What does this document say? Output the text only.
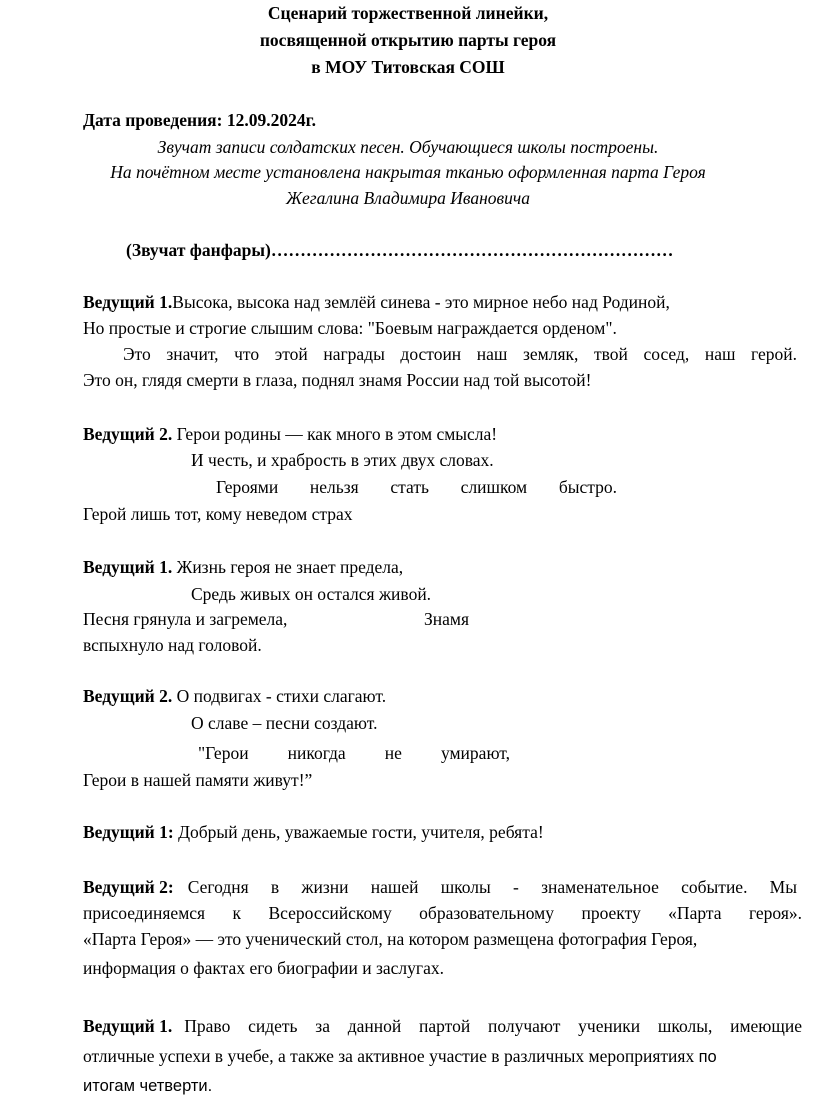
Сценарий торжественной линейки,
посвященной открытию парты героя
в МОУ Титовская СОШ
Дата проведения: 12.09.2024г.
Звучат записи солдатских песен. Обучающиеся школы построены.
На почётном месте установлена накрытая тканью оформленная парта Героя
Жегалина Владимира Ивановича
(Звучат фанфары)……………………………………………………………
Ведущий 1.Высока, высока над землёй синева - это мирное небо над Родиной,
Но простые и строгие слышим слова: "Боевым награждается орденом".
Это значит, что этой награды достоин наш земляк, твой сосед, наш герой.
Это он, глядя смерти в глаза, поднял знамя России над той высотой!
Ведущий 2. Герои родины — как много в этом смысла!
И честь, и храбрость в этих двух словах.
Героями нельзя стать слишком быстро.
Герой лишь тот, кому неведом страх
Ведущий 1. Жизнь героя не знает предела,
Средь живых он остался живой.
Песня грянула и загремела,	Знамя
вспыхнуло над головой.
Ведущий 2. О подвигах - стихи слагают.
О славе – песни создают.
"Герои никогда не умирают,
Герои в нашей памяти живут!”
Ведущий 1: Добрый день, уважаемые гости, учителя, ребята!
Ведущий 2: Сегодня в жизни нашей школы - знаменательное событие. Мы
присоединяемся к Всероссийскому образовательному проекту «Парта героя».
«Парта Героя» — это ученический стол, на котором размещена фотография Героя,
информация о фактах его биографии и заслугах.
Ведущий 1. Право сидеть за данной партой получают ученики школы, имеющие
отличные успехи в учебе, а также за активное участие в различных мероприятиях по
итогам четверти.
